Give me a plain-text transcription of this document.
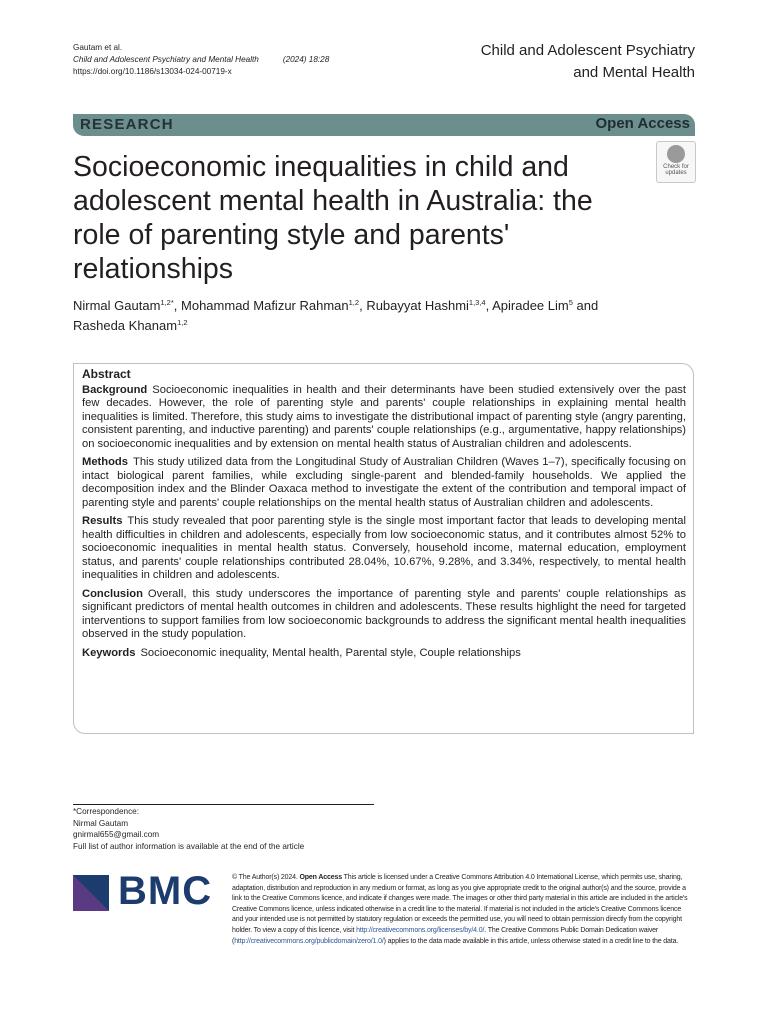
Gautam et al.
Child and Adolescent Psychiatry and Mental Health	(2024) 18:28
https://doi.org/10.1186/s13034-024-00719-x
Child and Adolescent Psychiatry
and Mental Health
RESEARCH	Open Access
Socioeconomic inequalities in child and adolescent mental health in Australia: the role of parenting style and parents' relationships
Check for
updates
Nirmal Gautam$^{1,2*}$, Mohammad Mafizur Rahman$^{1,2}$, Rubayyat Hashmi$^{1,3,4}$, Apiradee Lim$^5$ and
Rasheda Khanam$^{1,2}$
Abstract

Background Socioeconomic inequalities in health and their determinants have been studied extensively over the past few decades. However, the role of parenting style and parents' couple relationships in explaining mental health inequalities is limited. Therefore, this study aims to investigate the distributional impact of parenting style (angry parenting, consistent parenting, and inductive parenting) and parents' couple relationships (e.g., argumentative, happy relationships) on socioeconomic inequalities and by extension on mental health status of Australian children and adolescents.

Methods This study utilized data from the Longitudinal Study of Australian Children (Waves 1–7), specifically focusing on intact biological parent families, while excluding single-parent and blended-family households. We applied the decomposition index and the Blinder Oaxaca method to investigate the extent of the contribution and temporal impact of parenting style and parents' couple relationships on the mental health status of Australian children and adolescents.

Results This study revealed that poor parenting style is the single most important factor that leads to developing mental health difficulties in children and adolescents, especially from low socioeconomic status, and it contributes almost 52% to socioeconomic inequalities in mental health status. Conversely, household income, maternal education, employment status, and parents' couple relationships contributed 28.04%, 10.67%, 9.28%, and 3.34%, respectively, to mental health inequalities in children and adolescents.

Conclusion Overall, this study underscores the importance of parenting style and parents' couple relationships as significant predictors of mental health outcomes in children and adolescents. These results highlight the need for targeted interventions to support families from low socioeconomic backgrounds to address the significant mental health inequalities observed in the study population.

Keywords Socioeconomic inequality, Mental health, Parental style, Couple relationships

*Correspondence:
Nirmal Gautam
gnirmal655@gmail.com
Full list of author information is available at the end of the article
BMC	© The Author(s) 2024. Open Access This article is licensed under a Creative Commons Attribution 4.0 International License, which permits use, sharing, adaptation, distribution and reproduction in any medium or format, as long as you give appropriate credit to the original author(s) and the source, provide a link to the Creative Commons licence, and indicate if changes were made. The images or other third party material in this article are included in the article's Creative Commons licence, unless indicated otherwise in a credit line to the material. If material is not included in the article's Creative Commons licence and your intended use is not permitted by statutory regulation or exceeds the permitted use, you will need to obtain permission directly from the copyright holder. To view a copy of this licence, visit http://creativecommons.org/licenses/by/4.0/. The Creative Commons Public Domain Dedication waiver (http://creativecommons.org/publicdomain/zero/1.0/) applies to the data made available in this article, unless otherwise stated in a credit line to the data.
